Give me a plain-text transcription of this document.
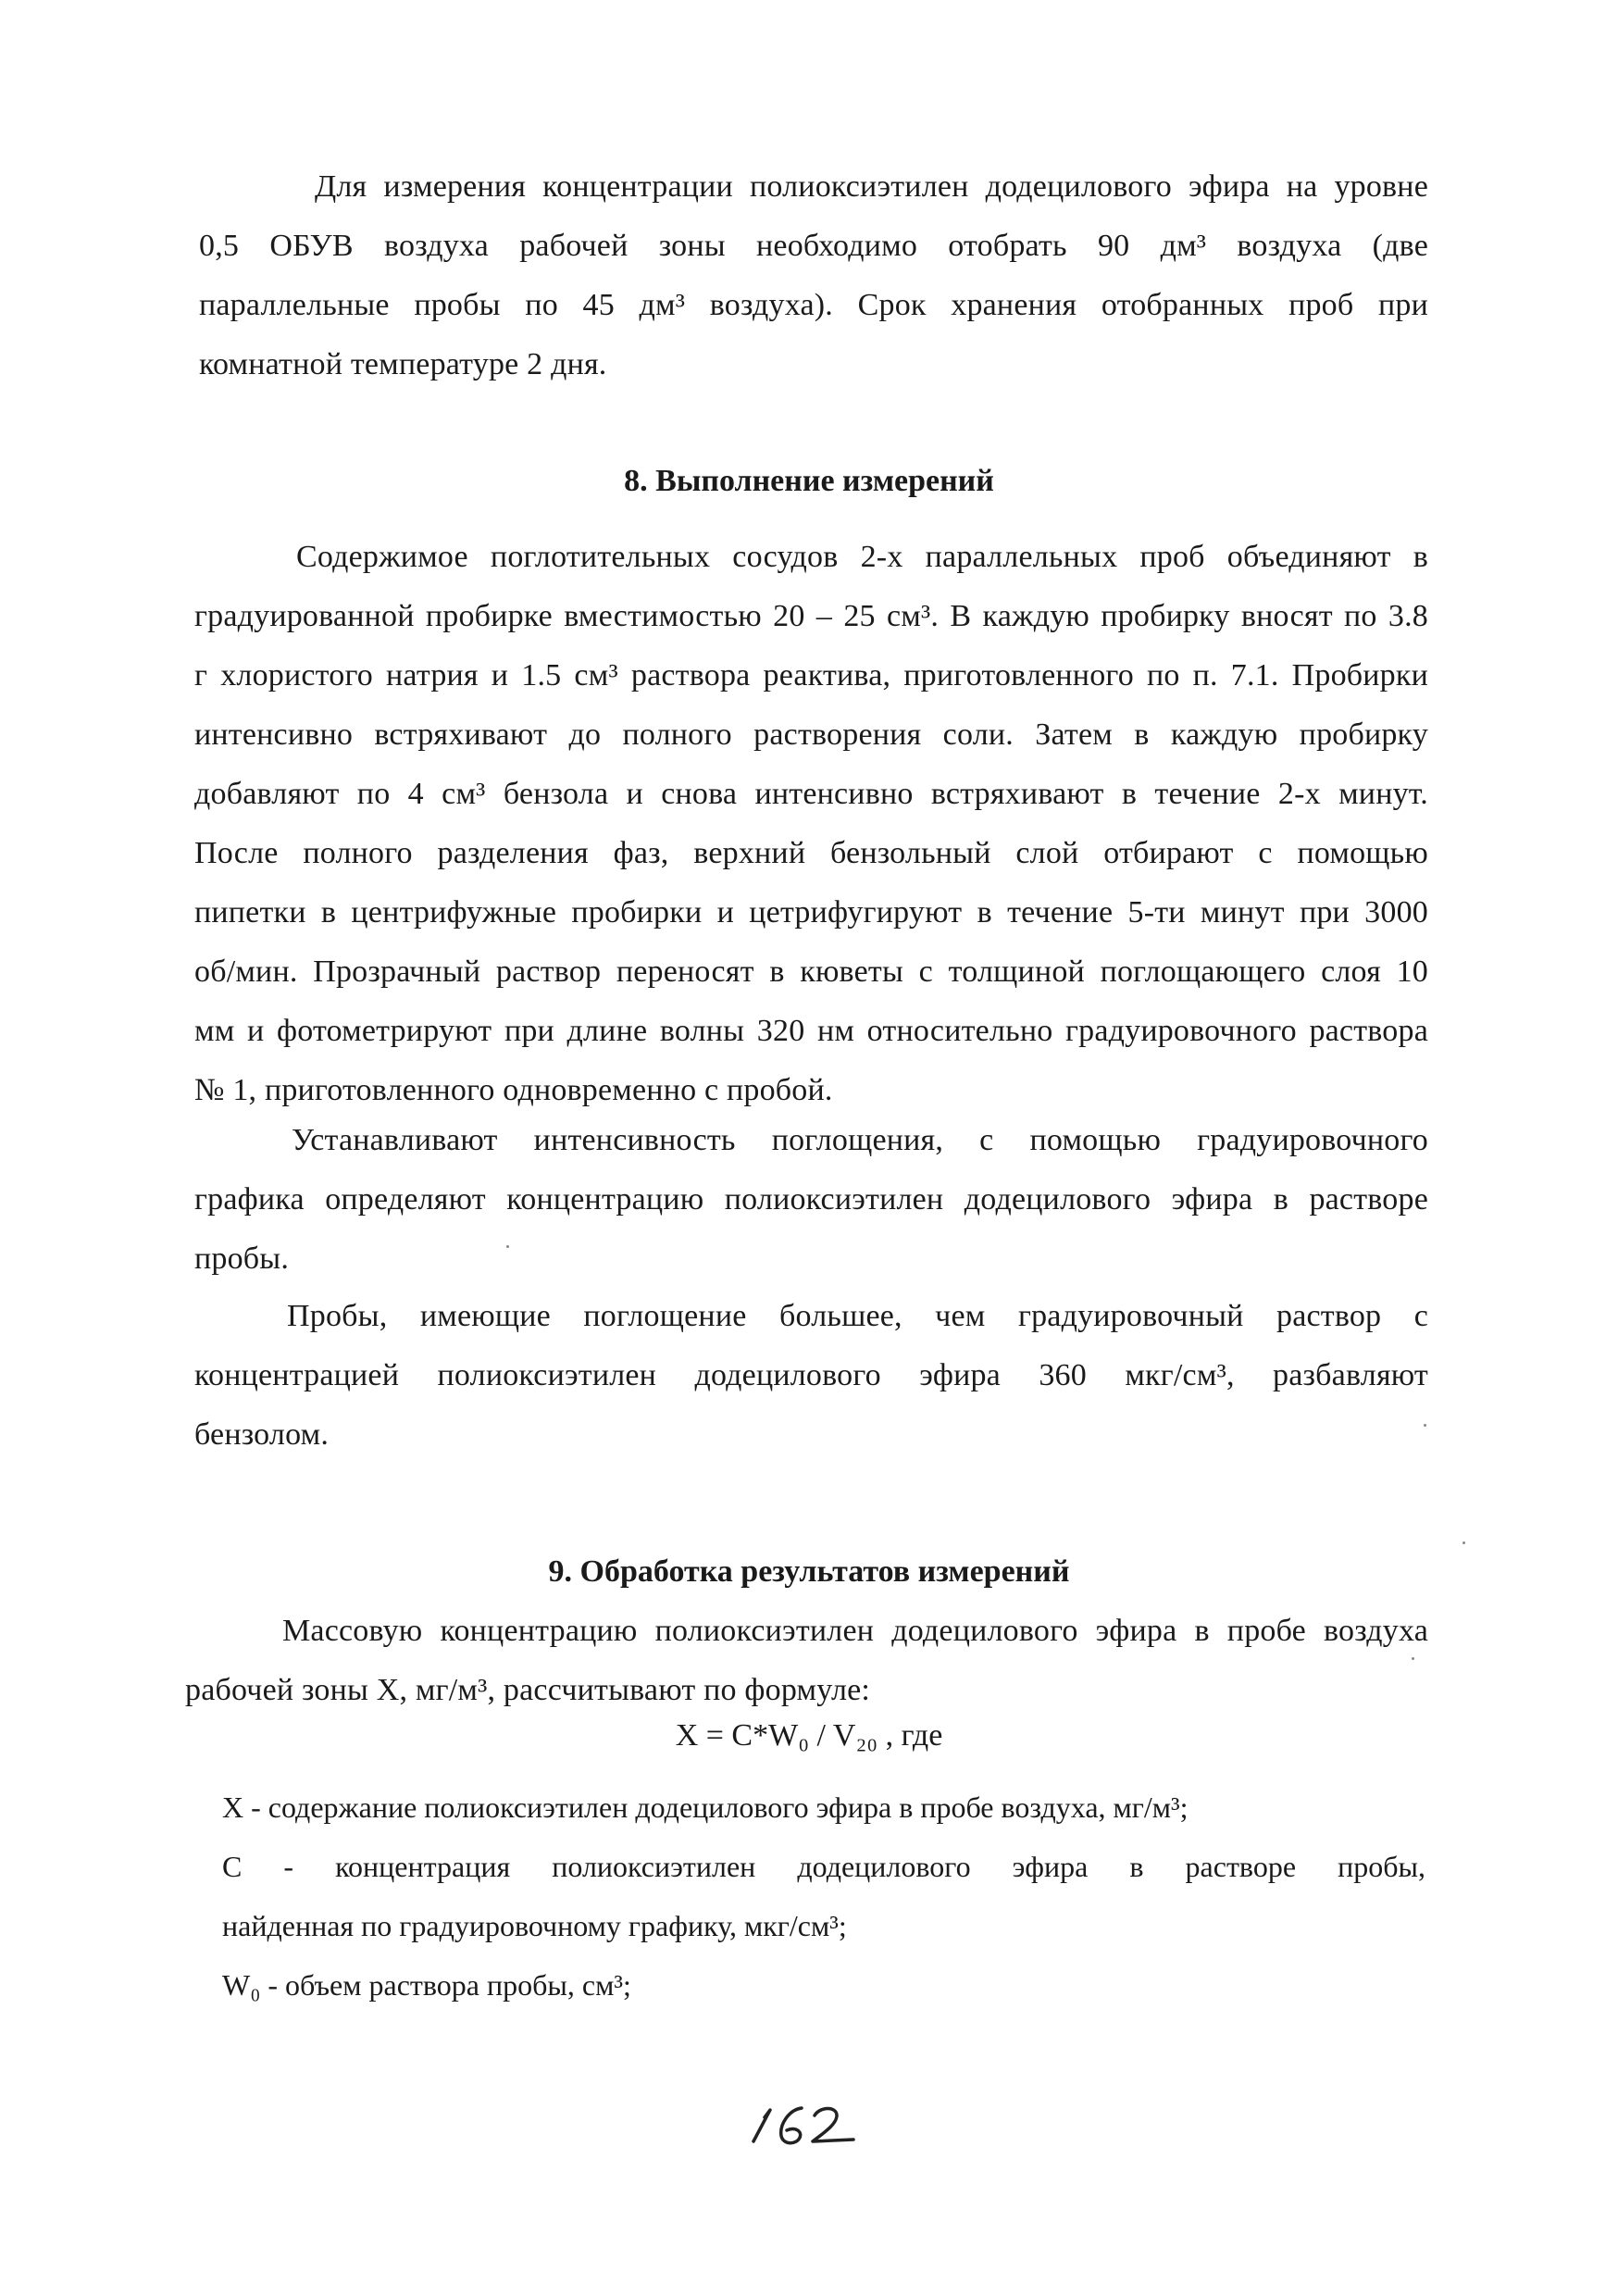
Для измерения концентрации полиоксиэтилен додецилового эфира на уровне
0,5 ОБУВ воздуха рабочей зоны необходимо отобрать 90 дм³ воздуха (две
параллельные пробы по 45 дм³ воздуха). Срок хранения отобранных проб при
комнатной температуре 2 дня.
8. Выполнение измерений
Содержимое поглотительных сосудов 2-х параллельных проб объединяют в
градуированной пробирке вместимостью 20 – 25 см³. В каждую пробирку вносят по 3.8
г хлористого натрия и 1.5 см³ раствора реактива, приготовленного по п. 7.1. Пробирки
интенсивно встряхивают до полного растворения соли. Затем в каждую пробирку
добавляют по 4 см³ бензола и снова интенсивно встряхивают в течение 2-х минут.
После полного разделения фаз, верхний бензольный слой отбирают с помощью
пипетки в центрифужные пробирки и цетрифугируют в течение 5-ти минут при 3000
об/мин. Прозрачный раствор переносят в кюветы с толщиной поглощающего слоя 10
мм и фотометрируют при длине волны 320 нм относительно градуировочного раствора
№ 1, приготовленного одновременно с пробой.
Устанавливают интенсивность поглощения, с помощью градуировочного
графика определяют концентрацию полиоксиэтилен додецилового эфира в растворе
пробы.
Пробы, имеющие поглощение большее, чем градуировочный раствор с
концентрацией полиоксиэтилен додецилового эфира 360 мкг/см³, разбавляют
бензолом.
9. Обработка результатов измерений
Массовую концентрацию полиоксиэтилен додецилового эфира в пробе воздуха
рабочей зоны Х, мг/м³, рассчитывают по формуле:
Х = С*W₀ / V₂₀ , где
Х - содержание полиоксиэтилен додецилового эфира в пробе воздуха, мг/м³;
С - концентрация полиоксиэтилен додецилового эфира в растворе пробы,
найденная по градуировочному графику, мкг/см³;
W₀ - объем раствора пробы, см³;
